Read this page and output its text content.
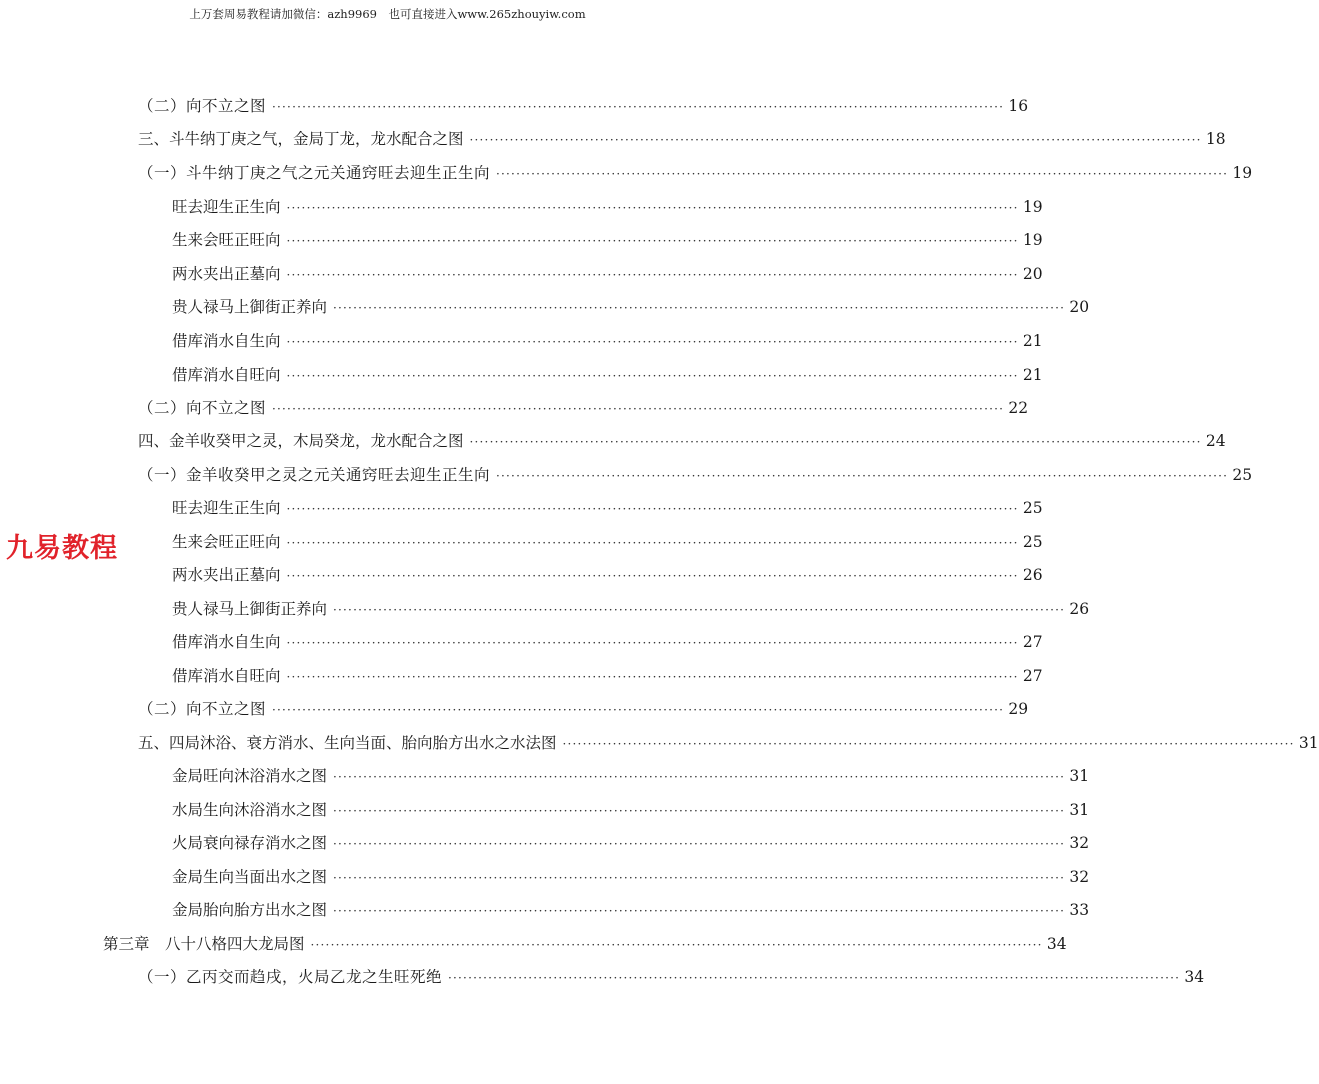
上万套周易教程请加微信：azh9969　也可直接进入www.265zhouyiw.com
九易教程
（二）向不立之图 ·················································································································································· 16
三、斗牛纳丁庚之气，金局丁龙，龙水配合之图 ·················································································································································· 18
（一）斗牛纳丁庚之气之元关通窍旺去迎生正生向 ·················································································································································· 19
旺去迎生正生向 ·················································································································································· 19
生来会旺正旺向 ·················································································································································· 19
两水夹出正墓向 ·················································································································································· 20
贵人禄马上御街正养向 ·················································································································································· 20
借库消水自生向 ·················································································································································· 21
借库消水自旺向 ·················································································································································· 21
（二）向不立之图 ·················································································································································· 22
四、金羊收癸甲之灵，木局癸龙，龙水配合之图 ·················································································································································· 24
（一）金羊收癸甲之灵之元关通窍旺去迎生正生向 ·················································································································································· 25
旺去迎生正生向 ·················································································································································· 25
生来会旺正旺向 ·················································································································································· 25
两水夹出正墓向 ·················································································································································· 26
贵人禄马上御街正养向 ·················································································································································· 26
借库消水自生向 ·················································································································································· 27
借库消水自旺向 ·················································································································································· 27
（二）向不立之图 ·················································································································································· 29
五、四局沐浴、衰方消水、生向当面、胎向胎方出水之水法图 ·················································································································································· 31
金局旺向沐浴消水之图 ·················································································································································· 31
水局生向沐浴消水之图 ·················································································································································· 31
火局衰向禄存消水之图 ·················································································································································· 32
金局生向当面出水之图 ·················································································································································· 32
金局胎向胎方出水之图 ·················································································································································· 33
第三章　八十八格四大龙局图 ·················································································································································· 34
（一）乙丙交而趋戌，火局乙龙之生旺死绝 ·················································································································································· 34
